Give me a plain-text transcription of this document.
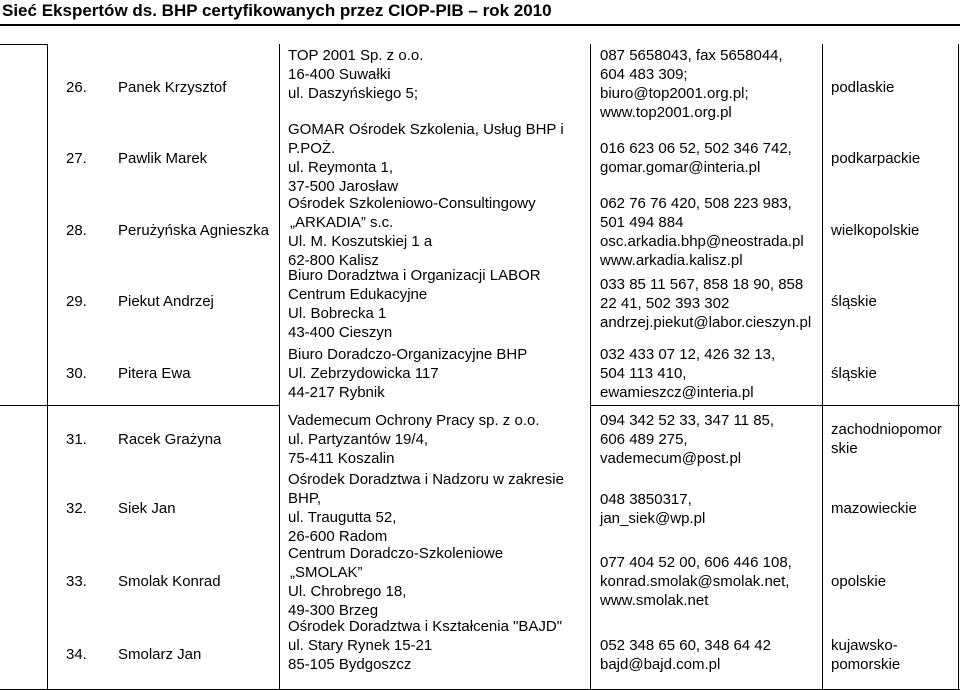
Sieć Ekspertów ds. BHP certyfikowanych przez CIOP-PIB – rok 2010
26. Panek Krzysztof
TOP 2001 Sp. z o.o.
16-400 Suwałki
ul. Daszyńskiego 5;
087 5658043, fax 5658044,
604 483 309;
biuro@top2001.org.pl;
www.top2001.org.pl
podlaskie
27. Pawlik Marek
GOMAR Ośrodek Szkolenia, Usług BHP i
P.POŻ.
ul. Reymonta 1,
37-500 Jarosław
016 623 06 52, 502 346 742,
gomar.gomar@interia.pl
podkarpackie
28. Perużyńska Agnieszka
Ośrodek Szkoleniowo-Consultingowy
„ARKADIA” s.c.
Ul. M. Koszutskiej 1 a
62-800 Kalisz
062 76 76 420, 508 223 983,
501 494 884
osc.arkadia.bhp@neostrada.pl
www.arkadia.kalisz.pl
wielkopolskie
29. Piekut Andrzej
Biuro Doradztwa i Organizacji LABOR
Centrum Edukacyjne
Ul. Bobrecka 1
43-400 Cieszyn
033 85 11 567, 858 18 90, 858
22 41, 502 393 302
andrzej.piekut@labor.cieszyn.pl
śląskie
30. Pitera Ewa
Biuro Doradczo-Organizacyjne BHP
Ul. Zebrzydowicka 117
44-217 Rybnik
032 433 07 12, 426 32 13,
504 113 410,
ewamieszcz@interia.pl
śląskie
31. Racek Grażyna
Vademecum Ochrony Pracy sp. z o.o.
ul. Partyzantów 19/4,
75-411 Koszalin
094 342 52 33, 347 11 85,
606 489 275,
vademecum@post.pl
zachodniopomor
skie
32. Siek Jan
Ośrodek Doradztwa i Nadzoru w zakresie
BHP,
ul. Traugutta 52,
26-600 Radom
048 3850317,
jan_siek@wp.pl
mazowieckie
33. Smolak Konrad
Centrum Doradczo-Szkoleniowe
„SMOLAK”
Ul. Chrobrego 18,
49-300 Brzeg
077 404 52 00, 606 446 108,
konrad.smolak@smolak.net,
www.smolak.net
opolskie
34. Smolarz Jan
Ośrodek Doradztwa i Kształcenia "BAJD"
ul. Stary Rynek 15-21
85-105 Bydgoszcz
052 348 65 60, 348 64 42
bajd@bajd.com.pl
kujawsko-
pomorskie
